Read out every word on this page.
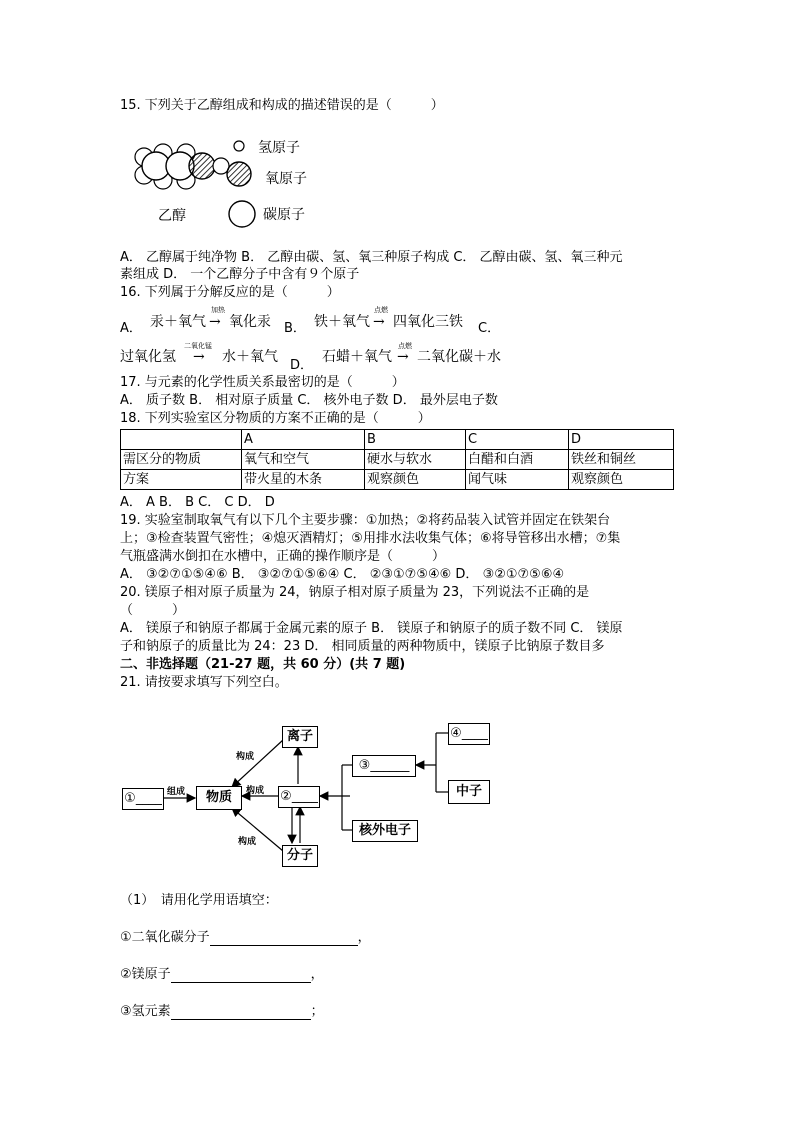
15. 下列关于乙醇组成和构成的描述错误的是（　　　）
氢原子
氧原子
碳原子
乙醇
A． 乙醇属于纯净物 B． 乙醇由碳、氢、氧三种原子构成 C． 乙醇由碳、氢、氧三种元
素组成 D． 一个乙醇分子中含有９个原子
16. 下列属于分解反应的是（　　　）
A． 汞＋氧气
加热
→ 氧化汞 B． 铁＋氧气
点燃
→ 四氧化三铁 C．
过氧化氢
二氧化锰
→ 水＋氧气
D．
石蜡＋氧气
点燃
→ 二氧化碳＋水
17. 与元素的化学性质关系最密切的是（　　　）
A． 质子数 B． 相对原子质量 C． 核外电子数 D． 最外层电子数
18. 下列实验室区分物质的方案不正确的是（　　　）
	A	B	C	D
需区分的物质	氧气和空气	硬水与软水	白醋和白酒	铁丝和铜丝
方案	带火星的木条	观察颜色	闻气味	观察颜色
A． A B． B C． C D． D
19. 实验室制取氧气有以下几个主要步骤：①加热；②将药品装入试管并固定在铁架台
上；③检查装置气密性；④熄灭酒精灯；⑤用排水法收集气体；⑥将导管移出水槽；⑦集
气瓶盛满水倒扣在水槽中，正确的操作顺序是（　　　）
A． ③②⑦①⑤④⑥ B． ③②⑦①⑤⑥④ C． ②③①⑦⑤④⑥ D． ③②①⑦⑤⑥④
20. 镁原子相对原子质量为 24，钠原子相对原子质量为 23，下列说法不正确的是
（　　　）
A． 镁原子和钠原子都属于金属元素的原子 B． 镁原子和钠原子的质子数不同 C． 镁原
子和钠原子的质量比为 24：23 D． 相同质量的两种物质中，镁原子比钠原子数目多
二、非选择题（21-27 题，共 60 分）(共 7 题)
21. 请按要求填写下列空白。
①____	物质
离子
②____
分子
③______
④____
中子
核外电子
组成
构成
构成
构成
（1）　请用化学用语填空：
①二氧化碳分子	，
②镁原子	，
③氢元素	；
